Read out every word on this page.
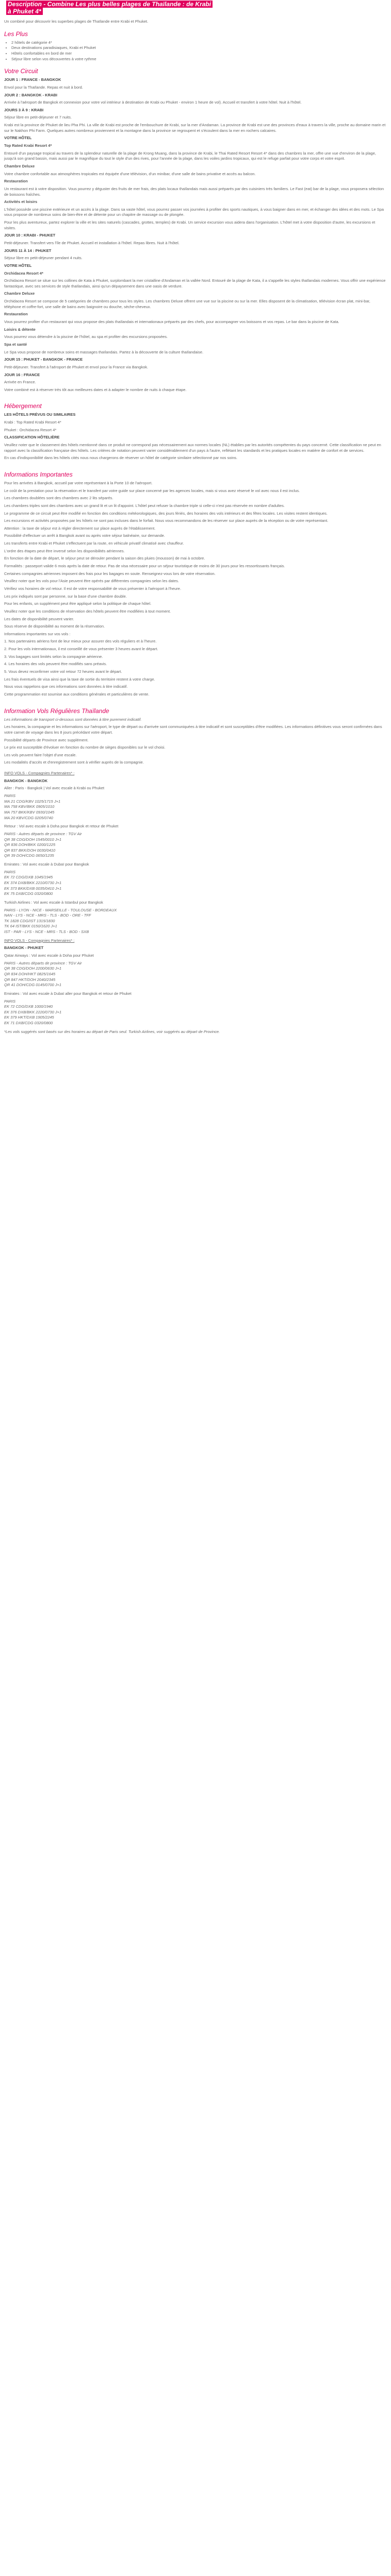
Description - Combine Les plus belles plages de Thaïlande : de Krabi
à Phuket 4*
Un combiné pour découvrir les superbes plages de Thaïlande entre Krabi et Phuket.
Les Plus
• 2 hôtels de catégorie 4*
• Deux destinations paradisiaques, Krabi et Phuket
• Hôtels confortables en bord de mer
• Séjour libre selon vos découvertes à votre rythme
Votre Circuit
JOUR 1 : FRANCE - BANGKOK
Envol pour la Thaïlande. Repas et nuit à bord.
JOUR 2 : BANGKOK - KRABI
Arrivée à l'aéroport de Bangkok et connexion pour votre vol intérieur à destination de Krabi ou Phuket - environ 1 heure de vol). Accueil et transfert à votre hôtel. Nuit à l'hôtel.
JOURS 3 À 9 : KRABI
Séjour libre en petit-déjeuner et 7 nuits.
Krabi est la province de Phuket de lieu Pha Phi. La ville de Krabi est proche de l'embouchure de Krabi, sur la mer d'Andaman. La province de Krabi est une des provinces d'eaux à travers la ville, proche au domaine marin et sur le Nakhon Phi Farm. Quelques autres nombreux proviennent et la montagne dans la province se regroupent et s'écoulent dans la mer en rochers calcaires.
VOTRE HÔTEL
Top Rated Krabi Resort 4*
Entouré d'un paysage tropical au travers de la splendeur naturelle de la plage de Krong Muang, dans la province de Krabi, le Thai Rated Resort Resort 4* dans des chambres la mer, offre une vue d'environ de la plage, jusqu'à son grand bassin, mais aussi par le magnifique du tout le style d'un des rives, pour l'année de la plage, dans les voiles jardins tropicaux, qui est le refuge parfait pour votre corps et votre esprit.
Chambre Deluxe
Votre chambre confortable aux atmosphères tropicales est équipée d'une télévision, d'un minibar, d'une salle de bains privative et accès au balcon.
Restauration
Un restaurant est à votre disposition. Vous pourrez y déguster des fruits de mer frais, des plats locaux thaïlandais mais aussi préparés par des cuisiniers très familiers. Le Fast (eat) bar de la plage, vous proposera sélection de boissons fraîches.
Activités et loisirs
L'hôtel possède une piscine extérieure et un accès à la plage. Dans sa vaste hôtel, vous pourrez passer vos journées à profiter des sports nautiques, à vous baigner dans en mer, et échanger des idées et des mots. Le Spa vous propose de nombreux soins de bien-être et de détente pour un chapitre de massage ou de plongée.
Pour les plus aventureux, partez explorer la ville et les sites naturels (cascades, grottes, temples) de Krabi. Un service excursion vous aidera dans l'organisation. L'hôtel met à votre disposition d'autre, les excursions et visites.
JOUR 10 : KRABI - PHUKET
Petit-déjeuner. Transfert vers l'île de Phuket. Accueil et installation à l'hôtel. Repas libres. Nuit à l'hôtel.
JOURS 11 À 14 : PHUKET
Séjour libre en petit-déjeuner pendant 4 nuits.
VOTRE HÔTEL
Orchidacea Resort 4*
Orchidacea Resort se situe sur les collines de Kata à Phuket, surplombant la mer cristalline d'Andaman et la vallée Nord. Entouré de la plage de Kata, il a s'appelle les styles thaïlandais modernes. Vous offrir une expérience fantastique, avec ses services de style thaïlandais, ainsi qu'un dépaysement dans une oasis de verdure.
Chambre Deluxe
Orchidacea Resort se compose de 5 catégories de chambres pour tous les styles. Les chambres Deluxe offrent une vue sur la piscine ou sur la mer. Elles disposent de la climatisation, télévision écran plat, mini-bar, téléphone et coffre-fort, une salle de bains avec baignoire ou douche, sèche-cheveux.
Restauration
Vous pourrez profiter d'un restaurant qui vous propose des plats thaïlandais et internationaux préparés par des chefs, pour accompagner vos boissons et vos repas. Le bar dans la piscine de Kata.
Loisirs & détente
Vous pourrez vous détendre à la piscine de l'hôtel, au spa et profiter des excursions proposées.
Spa et santé
Le Spa vous propose de nombreux soins et massages thaïlandais. Partez à la découverte de la culture thaïlandaise.
JOUR 15 : PHUKET - BANGKOK - FRANCE
Petit-déjeuner. Transfert à l'aéroport de Phuket et envol pour la France via Bangkok.
JOUR 16 : FRANCE
Arrivée en France.
Votre combiné est à réserver très tôt aux meilleures dates et à adapter le nombre de nuits à chaque étape.
Hébergement
LES HÔTELS PRÉVUS OU SIMILAIRES
Krabi : Top Rated Krabi Resort 4*
Phuket : Orchidacea Resort 4*
CLASSIFICATION HÔTELIÈRE
Veuillez noter que le classement des hôtels mentionné dans ce produit ne correspond pas nécessairement aux normes locales (NL) établies par les autorités compétentes du pays concerné. Cette classification ne peut en rapport avec la classification française des hôtels. Les critères de notation peuvent varier considérablement d'un pays à l'autre, reflétant les standards et les pratiques locales en matière de confort et de services.
En cas d'indisponibilité dans les hôtels cités nous nous chargerons de réserver un hôtel de catégorie similaire sélectionné par nos soins.
Informations Importantes
Pour les arrivées à Bangkok, accueil par votre représentant à la Porte 10 de l'aéroport.
Le coût de la prestation pour la réservation et le transfert par votre guide sur place concerné par les agences locales, mais si vous avez réservé le vol avec nous il est inclus.
Les chambres doublées sont des chambres avec 2 lits séparés.
Les chambres triples sont des chambres avec un grand lit et un lit d'appoint. L'hôtel peut refuser la chambre triple si celle-ci n'est pas réservée en nombre d'adultes.
Le programme de ce circuit peut être modifié en fonction des conditions météorologiques, des jours fériés, des horaires des vols intérieurs et des fêtes locales. Les visites restent identiques.
Les excursions et activités proposées par les hôtels ne sont pas incluses dans le forfait. Nous vous recommandons de les réserver sur place auprès de la réception ou de votre représentant.
Attention : la taxe de séjour est à régler directement sur place auprès de l'établissement.
Possibilité d'effectuer un arrêt à Bangkok avant ou après votre séjour balnéaire, sur demande.
Les transferts entre Krabi et Phuket s'effectuent par la route, en véhicule privatif climatisé avec chauffeur.
L'ordre des étapes peut être inversé selon les disponibilités aériennes.
En fonction de la date de départ, le séjour peut se dérouler pendant la saison des pluies (mousson) de mai à octobre.
Formalités : passeport valide 6 mois après la date de retour. Pas de visa nécessaire pour un séjour touristique de moins de 30 jours pour les ressortissants français.
Certaines compagnies aériennes imposent des frais pour les bagages en soute. Renseignez-vous lors de votre réservation.
Veuillez noter que les vols pour l'Asie peuvent être opérés par différentes compagnies selon les dates.
Vérifiez vos horaires de vol retour. Il est de votre responsabilité de vous présenter à l'aéroport à l'heure.
Les prix indiqués sont par personne, sur la base d'une chambre double.
Pour les enfants, un supplément peut être appliqué selon la politique de chaque hôtel.
Veuillez noter que les conditions de réservation des hôtels peuvent être modifiées à tout moment.
Les dates de disponibilité peuvent varier.
Sous réserve de disponibilité au moment de la réservation.
Informations importantes sur vos vols :
1. Nos partenaires aériens font de leur mieux pour assurer des vols réguliers et à l'heure.
2. Pour les vols internationaux, il est conseillé de vous présenter 3 heures avant le départ.
3. Vos bagages sont limités selon la compagnie aérienne.
4. Les horaires des vols peuvent être modifiés sans préavis.
5. Vous devez reconfirmer votre vol retour 72 heures avant le départ.
Les frais éventuels de visa ainsi que la taxe de sortie du territoire restent à votre charge.
Nous vous rappelons que ces informations sont données à titre indicatif.
Cette programmation est soumise aux conditions générales et particulières de vente.
Information Vols Régulières Thaïlande
Les informations de transport ci-dessous sont données à titre purement indicatif.
Les horaires, la compagnie et les informations sur l'aéroport, le type de départ ou d'arrivée sont communiquées à titre indicatif et sont susceptibles d'être modifiées. Les informations définitives vous seront confirmées dans votre carnet de voyage dans les 8 jours précédant votre départ.
Possibilité départs de Province avec supplément.
Le prix est susceptible d'évoluer en fonction du nombre de sièges disponibles sur le vol choisi.
Les vols peuvent faire l'objet d'une escale.
Les modalités d'accès et d'enregistrement sont à vérifier auprès de la compagnie.
INFO VOLS - Compagnies Partenaires* :
BANGKOK - BANGKOK
Aller : Paris - Bangkok | Vol avec escale à Krabi ou Phuket
PARIS
MA 21 CDG/KBV 1025/1715 J+1
MA 758 KBV/BKK 0905/1010
MA 757 BKK/KBV 0930/1045
MA 20 KBV/CDG 0205/0740
Retour : Vol avec escale à Doha pour Bangkok et retour de Phuket
PARIS - Autres départs de province : TGV Air
QR 38 CDG/DOH 1545/0010 J+1
QR 836 DOH/BKK 0200/1225
QR 837 BKK/DOH 0030/0410
QR 39 DOH/CDG 0650/1235
Emirates : Vol avec escale à Dubaï pour Bangkok
PARIS
EK 72 CDG/DXB 1045/1945
EK 374 DXB/BKK 2210/0730 J+1
EK 373 BKK/DXB 0035/0410 J+1
EK 75 DXB/CDG 0320/0800
Turkish Airlines : Vol avec escale à Istanbul pour Bangkok
PARIS - LYON - NICE - MARSEILLE - TOULOUSE - BORDEAUX
NAN - LYS - NCE - MRS - TLS - BOD - ORE - TFF
TK 1828 CDG/IST 1315/1830
TK 64 IST/BKK 0150/1620 J+1
IST - PAR - LYS - NCE - MRS - TLS - BOD - SXB
INFO VOLS - Compagnies Partenaires* :
BANGKOK - PHUKET
Qatar Airways : Vol avec escale à Doha pour Phuket
PARIS - Autres départs de province : TGV Air
QR 38 CDG/DOH 2200/0630 J+1
QR 834 DOH/HKT 0825/1645
QR 847 HKT/DOH 2040/2345
QR 41 DOH/CDG 0145/0700 J+1
Emirates : Vol avec escale à Dubaï aller pour Bangkok et retour de Phuket
PARIS
EK 72 CDG/DXB 1000/1940
EK 376 DXB/BKK 2220/0730 J+1
EK 379 HKT/DXB 1905/2245
EK 71 DXB/CDG 0320/0800
*Les vols suggérés sont basés sur des horaires au départ de Paris seul. Turkish Airlines, voir suggérés au départ de Province.
